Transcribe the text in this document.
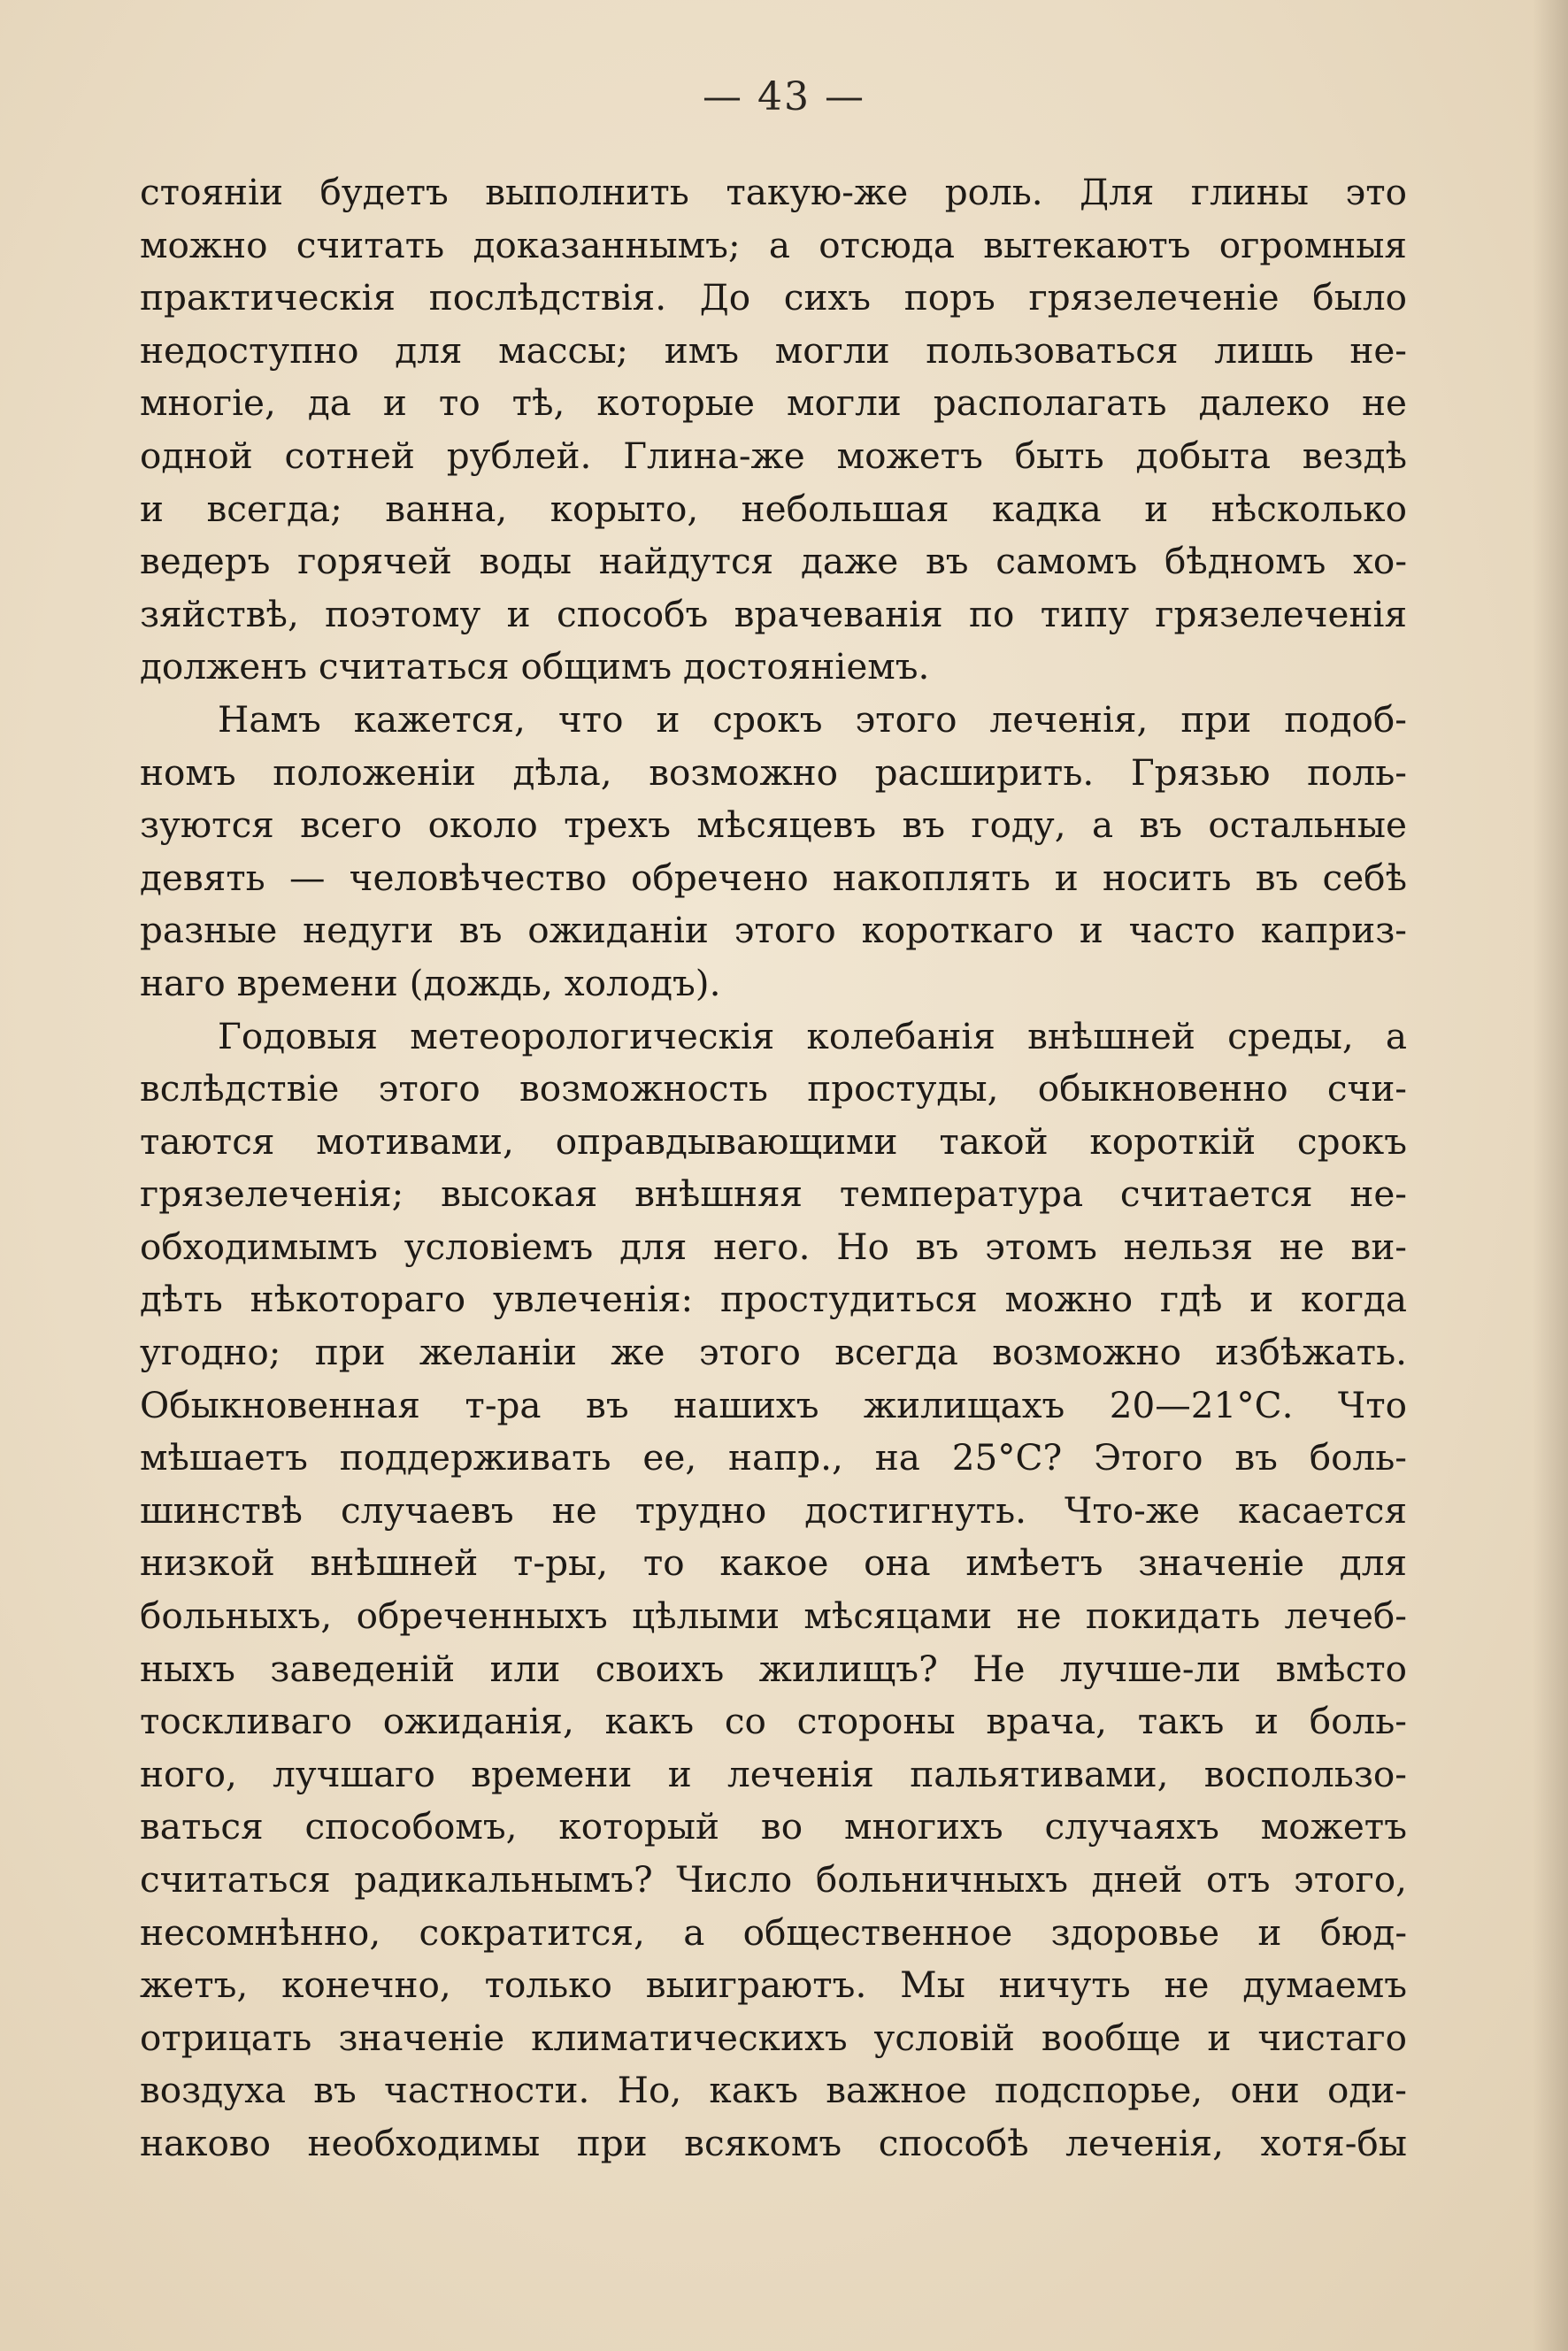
— 43 —
стояніи будетъ выполнить такую-же роль. Для глины это
можно считать доказаннымъ; а отсюда вытекаютъ огромныя
практическія послѣдствія. До сихъ поръ грязелеченіе было
недоступно для массы; имъ могли пользоваться лишь не-
многіе, да и то тѣ, которые могли располагать далеко не
одной сотней рублей. Глина-же можетъ быть добыта вездѣ
и всегда; ванна, корыто, небольшая кадка и нѣсколько
ведеръ горячей воды найдутся даже въ самомъ бѣдномъ хо-
зяйствѣ, поэтому и способъ врачеванія по типу грязелеченія
долженъ считаться общимъ достояніемъ.
Намъ кажется, что и срокъ этого леченія, при подоб-
номъ положеніи дѣла, возможно расширить. Грязью поль-
зуются всего около трехъ мѣсяцевъ въ году, а въ остальные
девять — человѣчество обречено накоплять и носить въ себѣ
разные недуги въ ожиданіи этого короткаго и часто каприз-
наго времени (дождь, холодъ).
Годовыя метеорологическія колебанія внѣшней среды, а
вслѣдствіе этого возможность простуды, обыкновенно счи-
таются мотивами, оправдывающими такой короткій срокъ
грязелеченія; высокая внѣшняя температура считается не-
обходимымъ условіемъ для него. Но въ этомъ нельзя не ви-
дѣть нѣкотораго увлеченія: простудиться можно гдѣ и когда
угодно; при желаніи же этого всегда возможно избѣжать.
Обыкновенная т-ра въ нашихъ жилищахъ 20—21°С. Что
мѣшаетъ поддерживать ее, напр., на 25°С? Этого въ боль-
шинствѣ случаевъ не трудно достигнуть. Что-же касается
низкой внѣшней т-ры, то какое она имѣетъ значеніе для
больныхъ, обреченныхъ цѣлыми мѣсяцами не покидать лечеб-
ныхъ заведеній или своихъ жилищъ? Не лучше-ли вмѣсто
тоскливаго ожиданія, какъ со стороны врача, такъ и боль-
ного, лучшаго времени и леченія пальятивами, воспользо-
ваться способомъ, который во многихъ случаяхъ можетъ
считаться радикальнымъ? Число больничныхъ дней отъ этого,
несомнѣнно, сократится, а общественное здоровье и бюд-
жетъ, конечно, только выиграютъ. Мы ничуть не думаемъ
отрицать значеніе климатическихъ условій вообще и чистаго
воздуха въ частности. Но, какъ важное подспорье, они оди-
наково необходимы при всякомъ способѣ леченія, хотя-бы
